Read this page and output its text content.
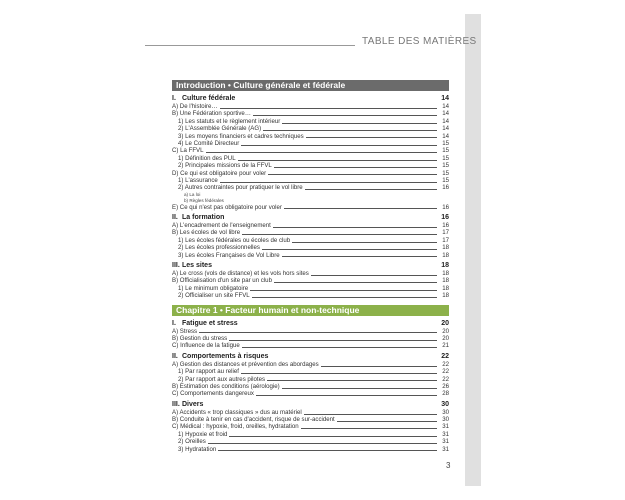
TABLE DES MATIÈRES
Introduction • Culture générale et fédérale
I. Culture fédérale	14
A) De l'histoire…	14
B) Une Fédération sportive…	14
1) Les statuts et le règlement intérieur	14
2) L'Assemblée Générale (AG)	14
3) Les moyens financiers et cadres techniques	14
4) Le Comité Directeur	15
C) La FFVL	15
1) Définition des PUL	15
2) Principales missions de la FFVL	15
D) Ce qui est obligatoire pour voler	15
1) L'assurance	15
2) Autres contraintes pour pratiquer le vol libre	16
a) La loi
b) Règles fédérales
E) Ce qui n'est pas obligatoire pour voler	16
II. La formation	16
A) L'encadrement de l'enseignement	16
B) Les écoles de vol libre	17
1) Les écoles fédérales ou écoles de club	17
2) Les écoles professionnelles	18
3) Les écoles Françaises de Vol Libre	18
III. Les sites	18
A) Le cross (vols de distance) et les vols hors sites	18
B) Officialisation d'un site par un club	18
1) Le minimum obligatoire	18
2) Officialiser un site FFVL	18
Chapitre 1 • Facteur humain et non-technique
I. Fatigue et stress	20
A) Stress	20
B) Gestion du stress	20
C) Influence de la fatigue	21
II. Comportements à risques	22
A) Gestion des distances et prévention des abordages	22
1) Par rapport au relief	22
2) Par rapport aux autres pilotes	22
B) Estimation des conditions (aérologie)	26
C) Comportements dangereux	28
III. Divers	30
A) Accidents « trop classiques » dus au matériel	30
B) Conduite à tenir en cas d'accident, risque de sur-accident	30
C) Médical : hypoxie, froid, oreilles, hydratation	31
1) Hypoxie et froid	31
2) Oreilles	31
3) Hydratation	31
3
